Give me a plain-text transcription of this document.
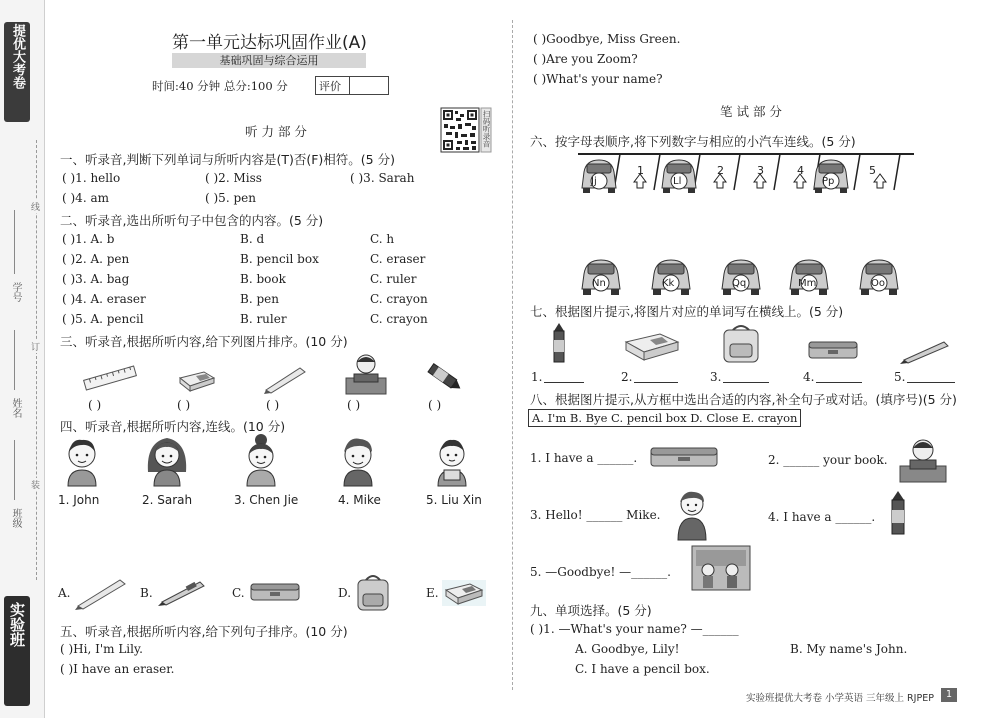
提优大考卷
实验班
班级
姓名
学号
装
订
线
第一单元达标巩固作业(A)
基础巩固与综合运用
时间:40 分钟 总分:100 分	评价
扫码听录音
听 力 部 分
一、听录音,判断下列单词与所听内容是(T)否(F)相符。(5 分)
( )1. hello	( )2. Miss	( )3. Sarah
( )4. am	( )5. pen
二、听录音,选出所听句子中包含的内容。(5 分)
( )1. A. b	B. d	C. h
( )2. A. pen	B. pencil box	C. eraser
( )3. A. bag	B. book	C. ruler
( )4. A. eraser	B. pen	C. crayon
( )5. A. pencil	B. ruler	C. crayon
三、听录音,根据所听内容,给下列图片排序。(10 分)
( )	( )	( )	( )	( )
四、听录音,根据所听内容,连线。(10 分)
1. John	2. Sarah	3. Chen Jie	4. Mike	5. Liu Xin
A.	B.	C.	D.	E.
五、听录音,根据所听内容,给下列句子排序。(10 分)
( )Hi, I'm Lily.
( )I have an eraser.
( )Goodbye, Miss Green.
( )Are you Zoom?
( )What's your name?
笔 试 部 分
六、按字母表顺序,将下列数字与相应的小汽车连线。(5 分)
1	2	3	4	5
Jj	Ll	Pp
Nn	Kk	Qq	Mm	Oo
七、根据图片提示,将图片对应的单词写在横线上。(5 分)
1.	2.	3.	4.	5.
八、根据图片提示,从方框中选出合适的内容,补全句子或对话。(填序号)(5 分)
A. I'm B. Bye C. pencil box D. Close E. crayon
1. I have a ______.	2. ______ your book.
3. Hello! ______ Mike.	4. I have a ______.
5. —Goodbye! —______.
九、单项选择。(5 分)
( )1. —What's your name? —______
A. Goodbye, Lily!	B. My name's John.
C. I have a pencil box.
实验班提优大考卷 小学英语 三年级上 RJPEP	1
